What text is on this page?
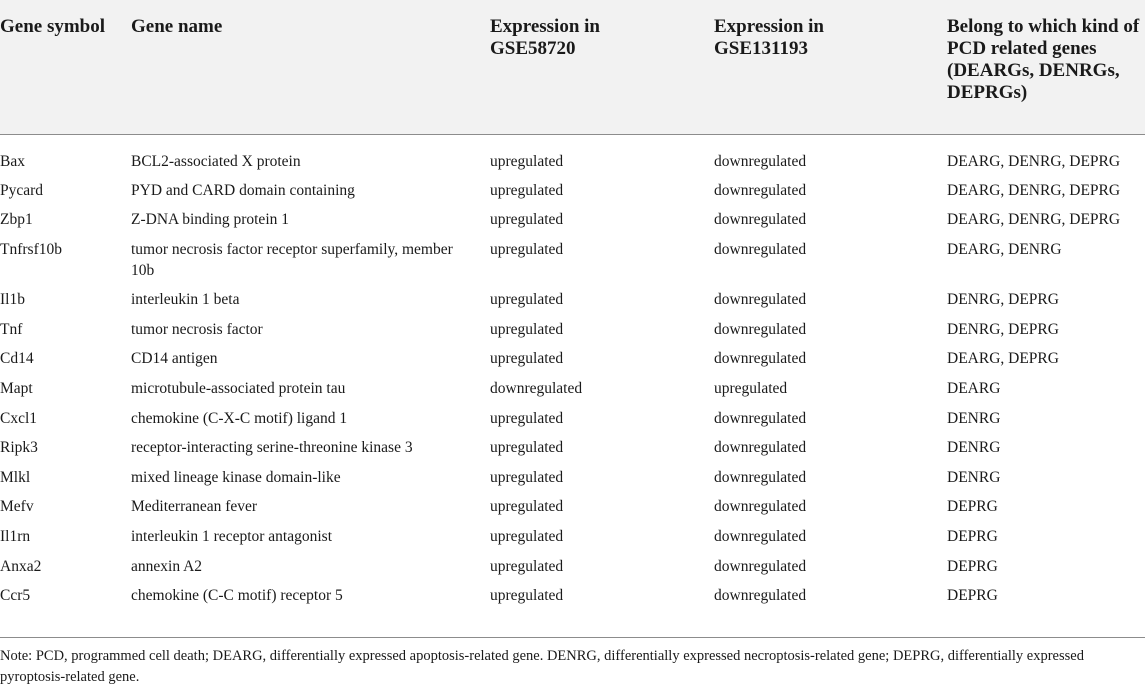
Gene symbol	Gene name	Expression in GSE58720	Expression in GSE131193	Belong to which kind of PCD related genes (DEARGs, DENRGs, DEPRGs)

Bax	BCL2-associated X protein	upregulated	downregulated	DEARG, DENRG, DEPRG

Pycard	PYD and CARD domain containing	upregulated	downregulated	DEARG, DENRG, DEPRG

Zbp1	Z-DNA binding protein 1	upregulated	downregulated	DEARG, DENRG, DEPRG

Tnfrsf10b	tumor necrosis factor receptor superfamily, member 10b	upregulated	downregulated	DEARG, DENRG

Il1b	interleukin 1 beta	upregulated	downregulated	DENRG, DEPRG

Tnf	tumor necrosis factor	upregulated	downregulated	DENRG, DEPRG

Cd14	CD14 antigen	upregulated	downregulated	DEARG, DEPRG

Mapt	microtubule-associated protein tau	downregulated	upregulated	DEARG

Cxcl1	chemokine (C-X-C motif) ligand 1	upregulated	downregulated	DENRG

Ripk3	receptor-interacting serine-threonine kinase 3	upregulated	downregulated	DENRG

Mlkl	mixed lineage kinase domain-like	upregulated	downregulated	DENRG

Mefv	Mediterranean fever	upregulated	downregulated	DEPRG

Il1rn	interleukin 1 receptor antagonist	upregulated	downregulated	DEPRG

Anxa2	annexin A2	upregulated	downregulated	DEPRG

Ccr5	chemokine (C-C motif) receptor 5	upregulated	downregulated	DEPRG
Note: PCD, programmed cell death; DEARG, differentially expressed apoptosis-related gene. DENRG, differentially expressed necroptosis-related gene; DEPRG, differentially expressed pyroptosis-related gene.
